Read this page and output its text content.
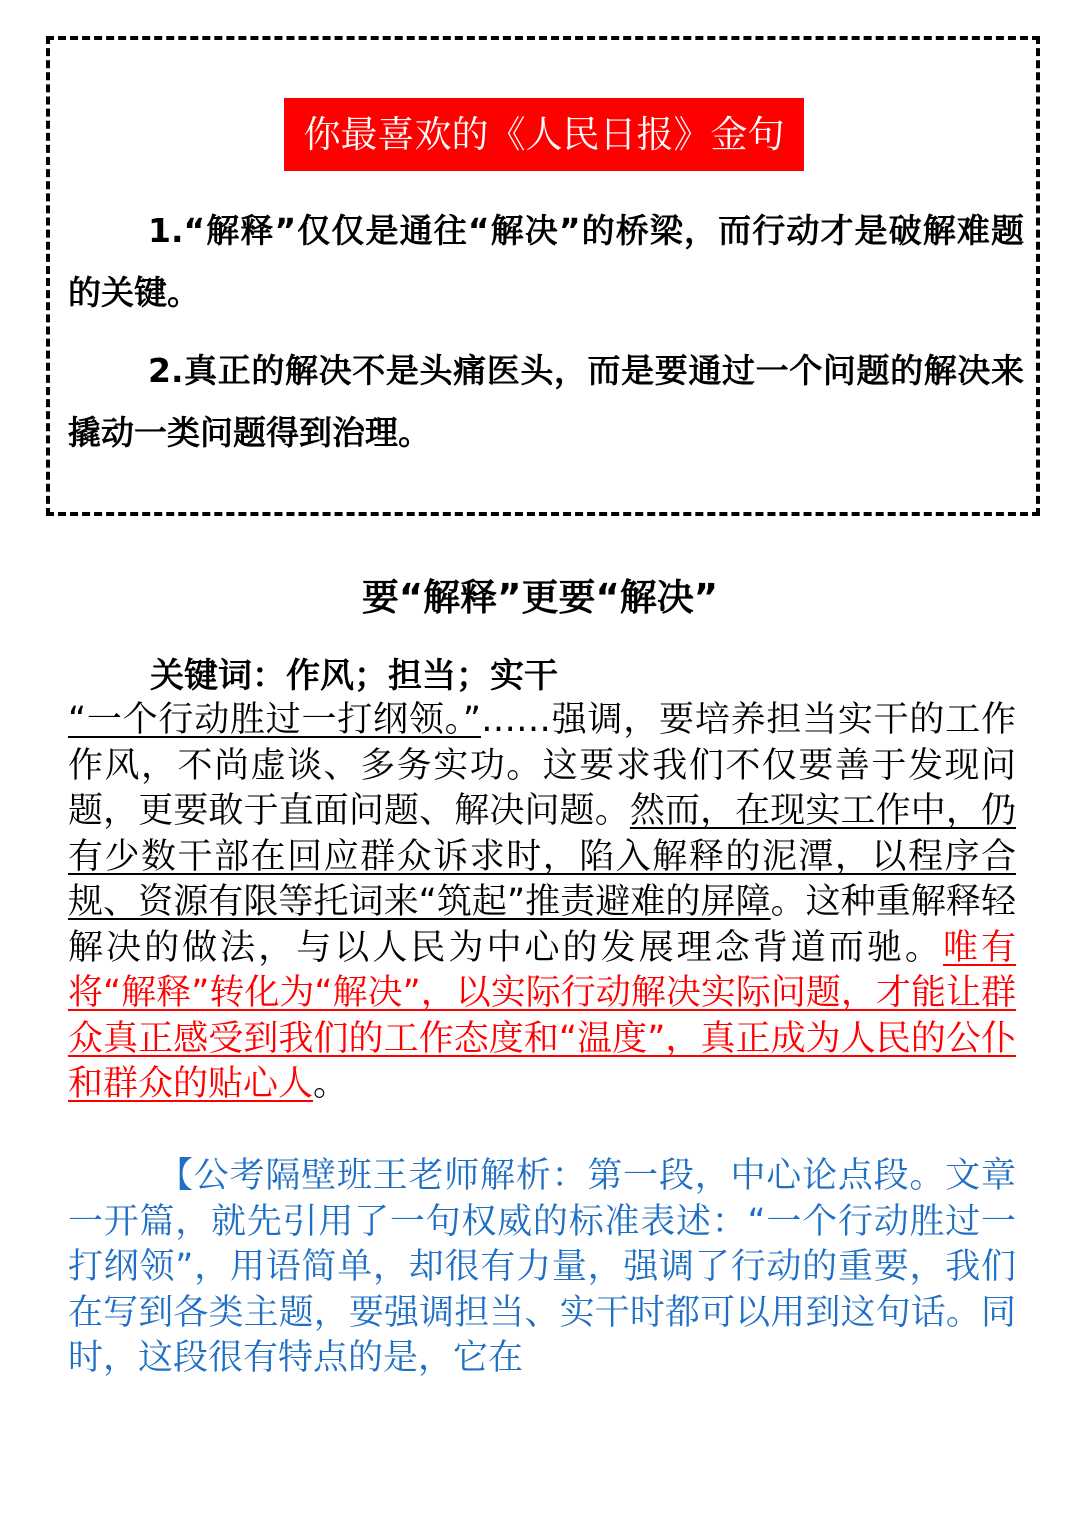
你最喜欢的《人民日报》金句

1.“解释”仅仅是通往“解决”的桥梁，而行动才是破解难题的关键。

2.真正的解决不是头痛医头，而是要通过一个问题的解决来撬动一类问题得到治理。

要“解释”更要“解决”
关键词：作风；担当；实干

“一个行动胜过一打纲领。”……强调，要培养担当实干的工作作风，不尚虚谈、多务实功。这要求我们不仅要善于发现问题，更要敢于直面问题、解决问题。然而，在现实工作中，仍有少数干部在回应群众诉求时，陷入解释的泥潭，以程序合规、资源有限等托词来“筑起”推责避难的屏障。这种重解释轻解决的做法，与以人民为中心的发展理念背道而驰。唯有将“解释”转化为“解决”，以实际行动解决实际问题，才能让群众真正感受到我们的工作态度和“温度”，真正成为人民的公仆和群众的贴心人。

【公考隔壁班王老师解析：第一段，中心论点段。文章一开篇，就先引用了一句权威的标准表述：“一个行动胜过一打纲领”，用语简单，却很有力量，强调了行动的重要，我们在写到各类主题，要强调担当、实干时都可以用到这句话。同时，这段很有特点的是，它在
